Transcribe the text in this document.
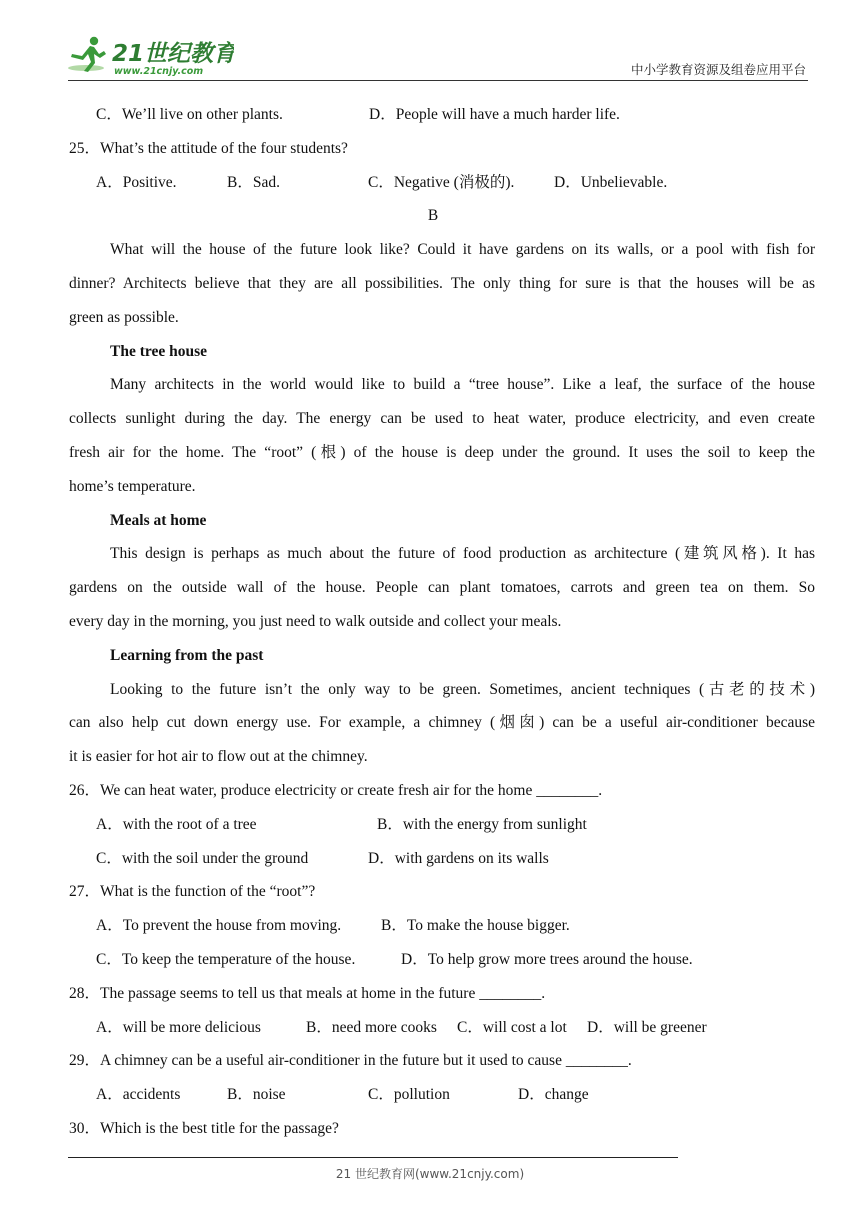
21世纪教育
www.21cnjy.com	中小学教育资源及组卷应用平台
C．We’ll live on other plants.	D．People will have a much harder life.
25．What’s the attitude of the four students?
A．Positive.	B．Sad.	C．Negative (消极的).	D．Unbelievable.
B
What will the house of the future look like? Could it have gardens on its walls, or a pool with fish for
dinner? Architects believe that they are all possibilities. The only thing for sure is that the houses will be as
green as possible.
The tree house
Many architects in the world would like to build a “tree house”. Like a leaf, the surface of the house
collects sunlight during the day. The energy can be used to heat water, produce electricity, and even create
fresh air for the home. The “root” (根) of the house is deep under the ground. It uses the soil to keep the
home’s temperature.
Meals at home
This design is perhaps as much about the future of food production as architecture (建筑风格). It has
gardens on the outside wall of the house. People can plant tomatoes, carrots and green tea on them. So
every day in the morning, you just need to walk outside and collect your meals.
Learning from the past
Looking to the future isn’t the only way to be green. Sometimes, ancient techniques (古老的技术)
can also help cut down energy use. For example, a chimney (烟囱) can be a useful air-conditioner because
it is easier for hot air to flow out at the chimney.
26．We can heat water, produce electricity or create fresh air for the home ________.
A．with the root of a tree	B．with the energy from sunlight
C．with the soil under the ground	D．with gardens on its walls
27．What is the function of the “root”?
A．To prevent the house from moving.	B．To make the house bigger.
C．To keep the temperature of the house.	D．To help grow more trees around the house.
28．The passage seems to tell us that meals at home in the future ________.
A．will be more delicious	B．need more cooks C．will cost a lot D．will be greener
29．A chimney can be a useful air-conditioner in the future but it used to cause ________.
A．accidents	B．noise	C．pollution	D．change
30．Which is the best title for the passage?
21 世纪教育网(www.21cnjy.com)
